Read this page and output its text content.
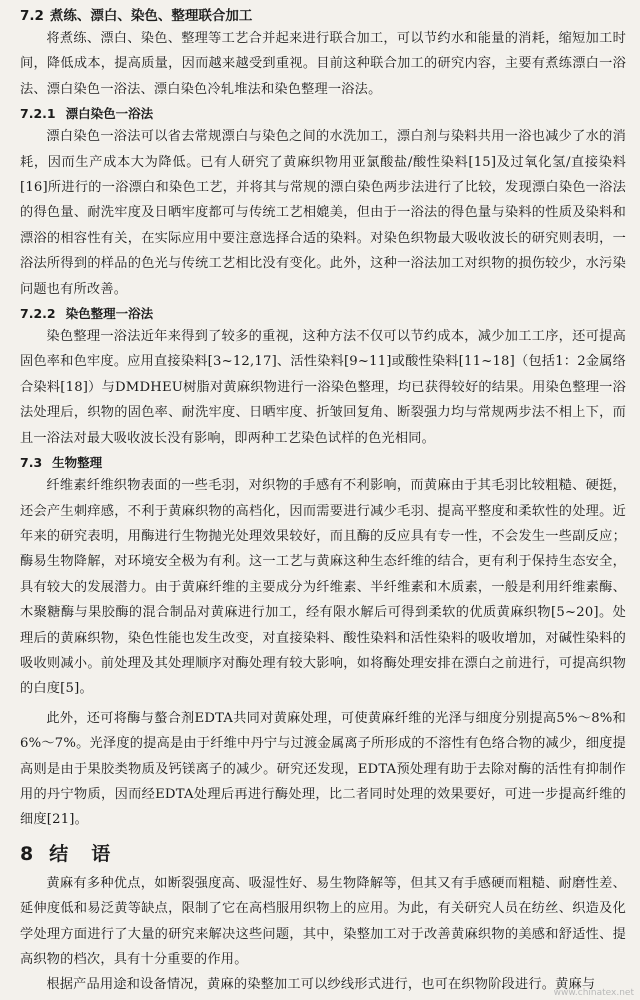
7.2 煮练、漂白、染色、整理联合加工

将煮练、漂白、染色、整理等工艺合并起来进行联合加工，可以节约水和能量的消耗，缩短加工时间，降低成本，提高质量，因而越来越受到重视。目前这种联合加工的研究内容，主要有煮练漂白一浴法、漂白染色一浴法、漂白染色冷轧堆法和染色整理一浴法。

7.2.1 漂白染色一浴法

漂白染色一浴法可以省去常规漂白与染色之间的水洗加工，漂白剂与染料共用一浴也减少了水的消耗，因而生产成本大为降低。已有人研究了黄麻织物用亚氯酸盐/酸性染料[15]及过氧化氢/直接染料[16]所进行的一浴漂白和染色工艺，并将其与常规的漂白染色两步法进行了比较，发现漂白染色一浴法的得色量、耐洗牢度及日晒牢度都可与传统工艺相媲美，但由于一浴法的得色量与染料的性质及染料和漂浴的相容性有关，在实际应用中要注意选择合适的染料。对染色织物最大吸收波长的研究则表明，一浴法所得到的样品的色光与传统工艺相比没有变化。此外，这种一浴法加工对织物的损伤较少，水污染问题也有所改善。

7.2.2 染色整理一浴法

染色整理一浴法近年来得到了较多的重视，这种方法不仅可以节约成本，减少加工工序，还可提高固色率和色牢度。应用直接染料[3~12,17]、活性染料[9~11]或酸性染料[11~18]（包括1：2金属络合染料[18]）与DMDHEU树脂对黄麻织物进行一浴染色整理，均已获得较好的结果。用染色整理一浴法处理后，织物的固色率、耐洗牢度、日晒牢度、折皱回复角、断裂强力均与常规两步法不相上下，而且一浴法对最大吸收波长没有影响，即两种工艺染色试样的色光相同。

7.3 生物整理

纤维素纤维织物表面的一些毛羽，对织物的手感有不利影响，而黄麻由于其毛羽比较粗糙、硬挺，还会产生刺痒感，不利于黄麻织物的高档化，因而需要进行减少毛羽、提高平整度和柔软性的处理。近年来的研究表明，用酶进行生物抛光处理效果较好，而且酶的反应具有专一性，不会发生一些副反应；酶易生物降解，对环境安全极为有利。这一工艺与黄麻这种生态纤维的结合，更有利于保持生态安全，具有较大的发展潜力。由于黄麻纤维的主要成分为纤维素、半纤维素和木质素，一般是利用纤维素酶、木聚糖酶与果胶酶的混合制品对黄麻进行加工，经有限水解后可得到柔软的优质黄麻织物[5~20]。处理后的黄麻织物，染色性能也发生改变，对直接染料、酸性染料和活性染料的吸收增加，对碱性染料的吸收则减小。前处理及其处理顺序对酶处理有较大影响，如将酶处理安排在漂白之前进行，可提高织物的白度[5]。

此外，还可将酶与螯合剂EDTA共同对黄麻处理，可使黄麻纤维的光泽与细度分别提高5%～8%和6%～7%。光泽度的提高是由于纤维中丹宁与过渡金属离子所形成的不溶性有色络合物的减少，细度提高则是由于果胶类物质及钙镁离子的减少。研究还发现，EDTA预处理有助于去除对酶的活性有抑制作用的丹宁物质，因而经EDTA处理后再进行酶处理，比二者同时处理的效果要好，可进一步提高纤维的细度[21]。

8 结　语

黄麻有多种优点，如断裂强度高、吸湿性好、易生物降解等，但其又有手感硬而粗糙、耐磨性差、延伸度低和易泛黄等缺点，限制了它在高档服用织物上的应用。为此，有关研究人员在纺丝、织造及化学处理方面进行了大量的研究来解决这些问题，其中，染整加工对于改善黄麻织物的美感和舒适性、提高织物的档次，具有十分重要的作用。

根据产品用途和设备情况，黄麻的染整加工可以纱线形式进行，也可在织物阶段进行。黄麻与

www.chinatex.net
